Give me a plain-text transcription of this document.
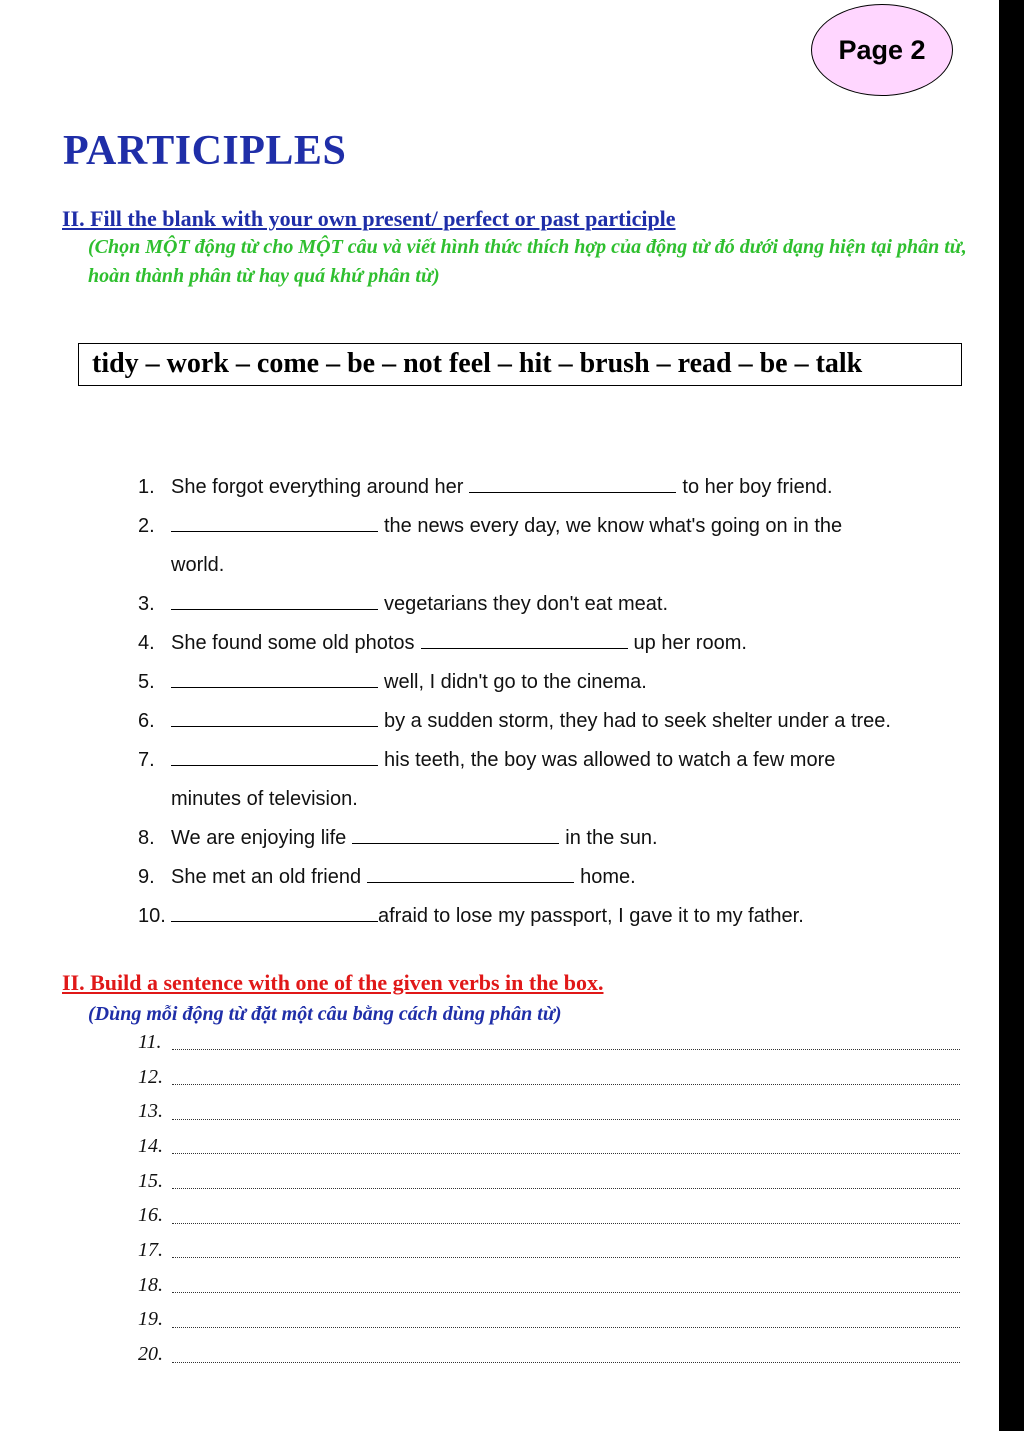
Page 2
PARTICIPLES
II. Fill the blank with your own present/ perfect or past participle
(Chọn MỘT động từ cho MỘT câu và viết hình thức thích hợp của động từ đó dưới dạng hiện tại phân từ, hoàn thành phân từ hay quá khứ phân từ)
tidy – work – come – be – not feel – hit – brush – read – be – talk
1. She forgot everything around her	to her boy friend.
2.	the news every day, we know what's going on in the
world.
3.	vegetarians they don't eat meat.
4. She found some old photos	up her room.
5.	well, I didn't go to the cinema.
6.	by a sudden storm, they had to seek shelter under a tree.
7.	his teeth, the boy was allowed to watch a few more
minutes of television.
8. We are enjoying life	in the sun.
9. She met an old friend	home.
10.	afraid to lose my passport, I gave it to my father.
II. Build a sentence with one of the given verbs in the box.
(Dùng mỗi động từ đặt một câu bằng cách dùng phân từ)
11.
12.
13.
14.
15.
16.
17.
18.
19.
20.
